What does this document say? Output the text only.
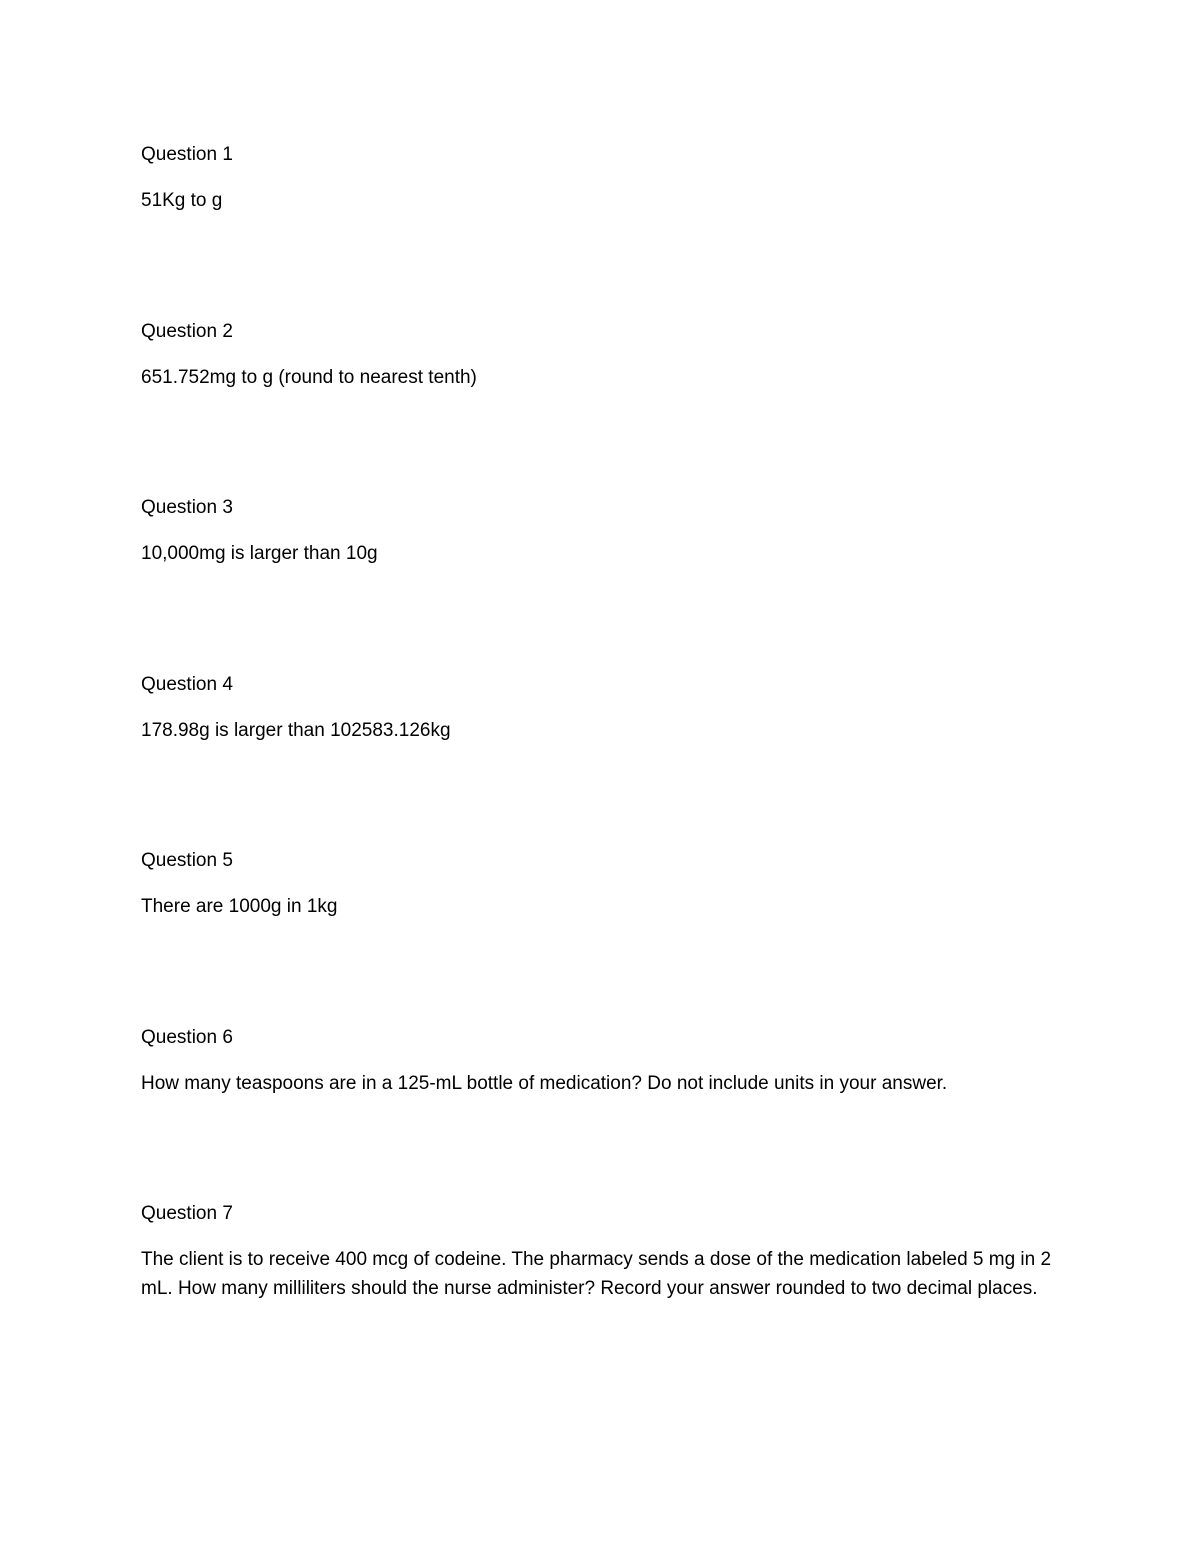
Question 1

51Kg to g

Question 2

651.752mg to g (round to nearest tenth)

Question 3

10,000mg is larger than 10g

Question 4

178.98g is larger than 102583.126kg

Question 5

There are 1000g in 1kg

Question 6

How many teaspoons are in a 125-mL bottle of medication? Do not include units in your answer.

Question 7

The client is to receive 400 mcg of codeine. The pharmacy sends a dose of the medication labeled 5 mg in 2 mL. How many milliliters should the nurse administer? Record your answer rounded to two decimal places.
